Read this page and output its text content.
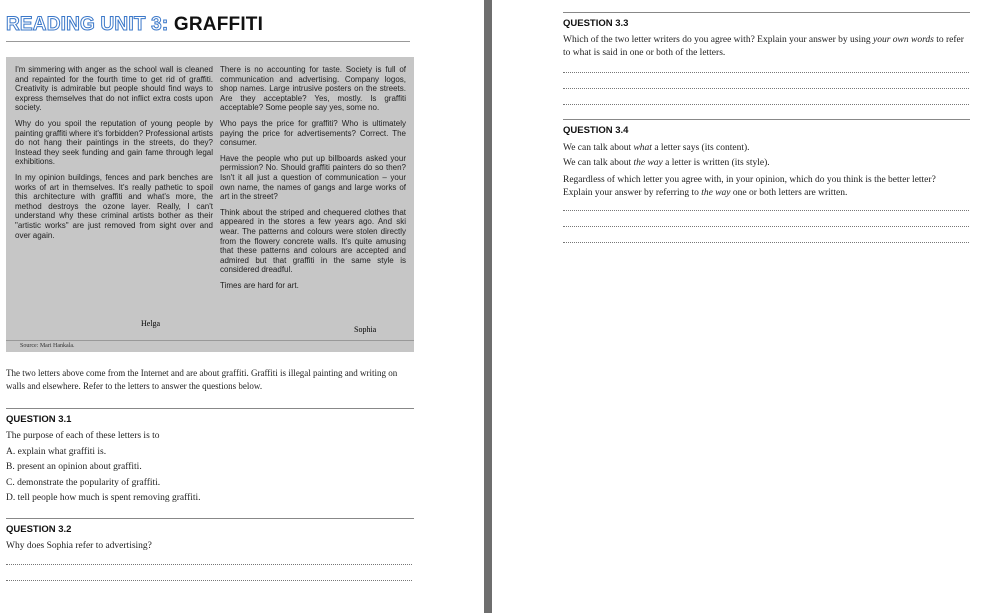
READING UNIT 3: GRAFFITI

I'm simmering with anger as the school wall is cleaned and repainted for the fourth time to get rid of graffiti. Creativity is admirable but people should find ways to express themselves that do not inflict extra costs upon society.

Why do you spoil the reputation of young people by painting graffiti where it's forbidden? Professional artists do not hang their paintings in the streets, do they? Instead they seek funding and gain fame through legal exhibitions.

In my opinion buildings, fences and park benches are works of art in themselves. It's really pathetic to spoil this architecture with graffiti and what's more, the method destroys the ozone layer. Really, I can't understand why these criminal artists bother as their "artistic works" are just removed from sight over and over again.

There is no accounting for taste. Society is full of communication and advertising. Company logos, shop names. Large intrusive posters on the streets. Are they acceptable? Yes, mostly. Is graffiti acceptable? Some people say yes, some no.

Who pays the price for graffiti? Who is ultimately paying the price for advertisements? Correct. The consumer.

Have the people who put up billboards asked your permission? No. Should graffiti painters do so then? Isn't it all just a question of communication – your own name, the names of gangs and large works of art in the street?

Think about the striped and chequered clothes that appeared in the stores a few years ago. And ski wear. The patterns and colours were stolen directly from the flowery concrete walls. It's quite amusing that these patterns and colours are accepted and admired but that graffiti in the same style is considered dreadful.

Times are hard for art.

Helga
Sophia
Source: Mari Hankala.
The two letters above come from the Internet and are about graffiti. Graffiti is illegal painting and writing on walls and elsewhere. Refer to the letters to answer the questions below.
QUESTION 3.1
The purpose of each of these letters is to
A. explain what graffiti is.
B. present an opinion about graffiti.
C. demonstrate the popularity of graffiti.
D. tell people how much is spent removing graffiti.
QUESTION 3.2
Why does Sophia refer to advertising?
QUESTION 3.3
Which of the two letter writers do you agree with? Explain your answer by using your own words to refer to what is said in one or both of the letters.
QUESTION 3.4
We can talk about what a letter says (its content).
We can talk about the way a letter is written (its style).
Regardless of which letter you agree with, in your opinion, which do you think is the better letter?
Explain your answer by referring to the way one or both letters are written.
